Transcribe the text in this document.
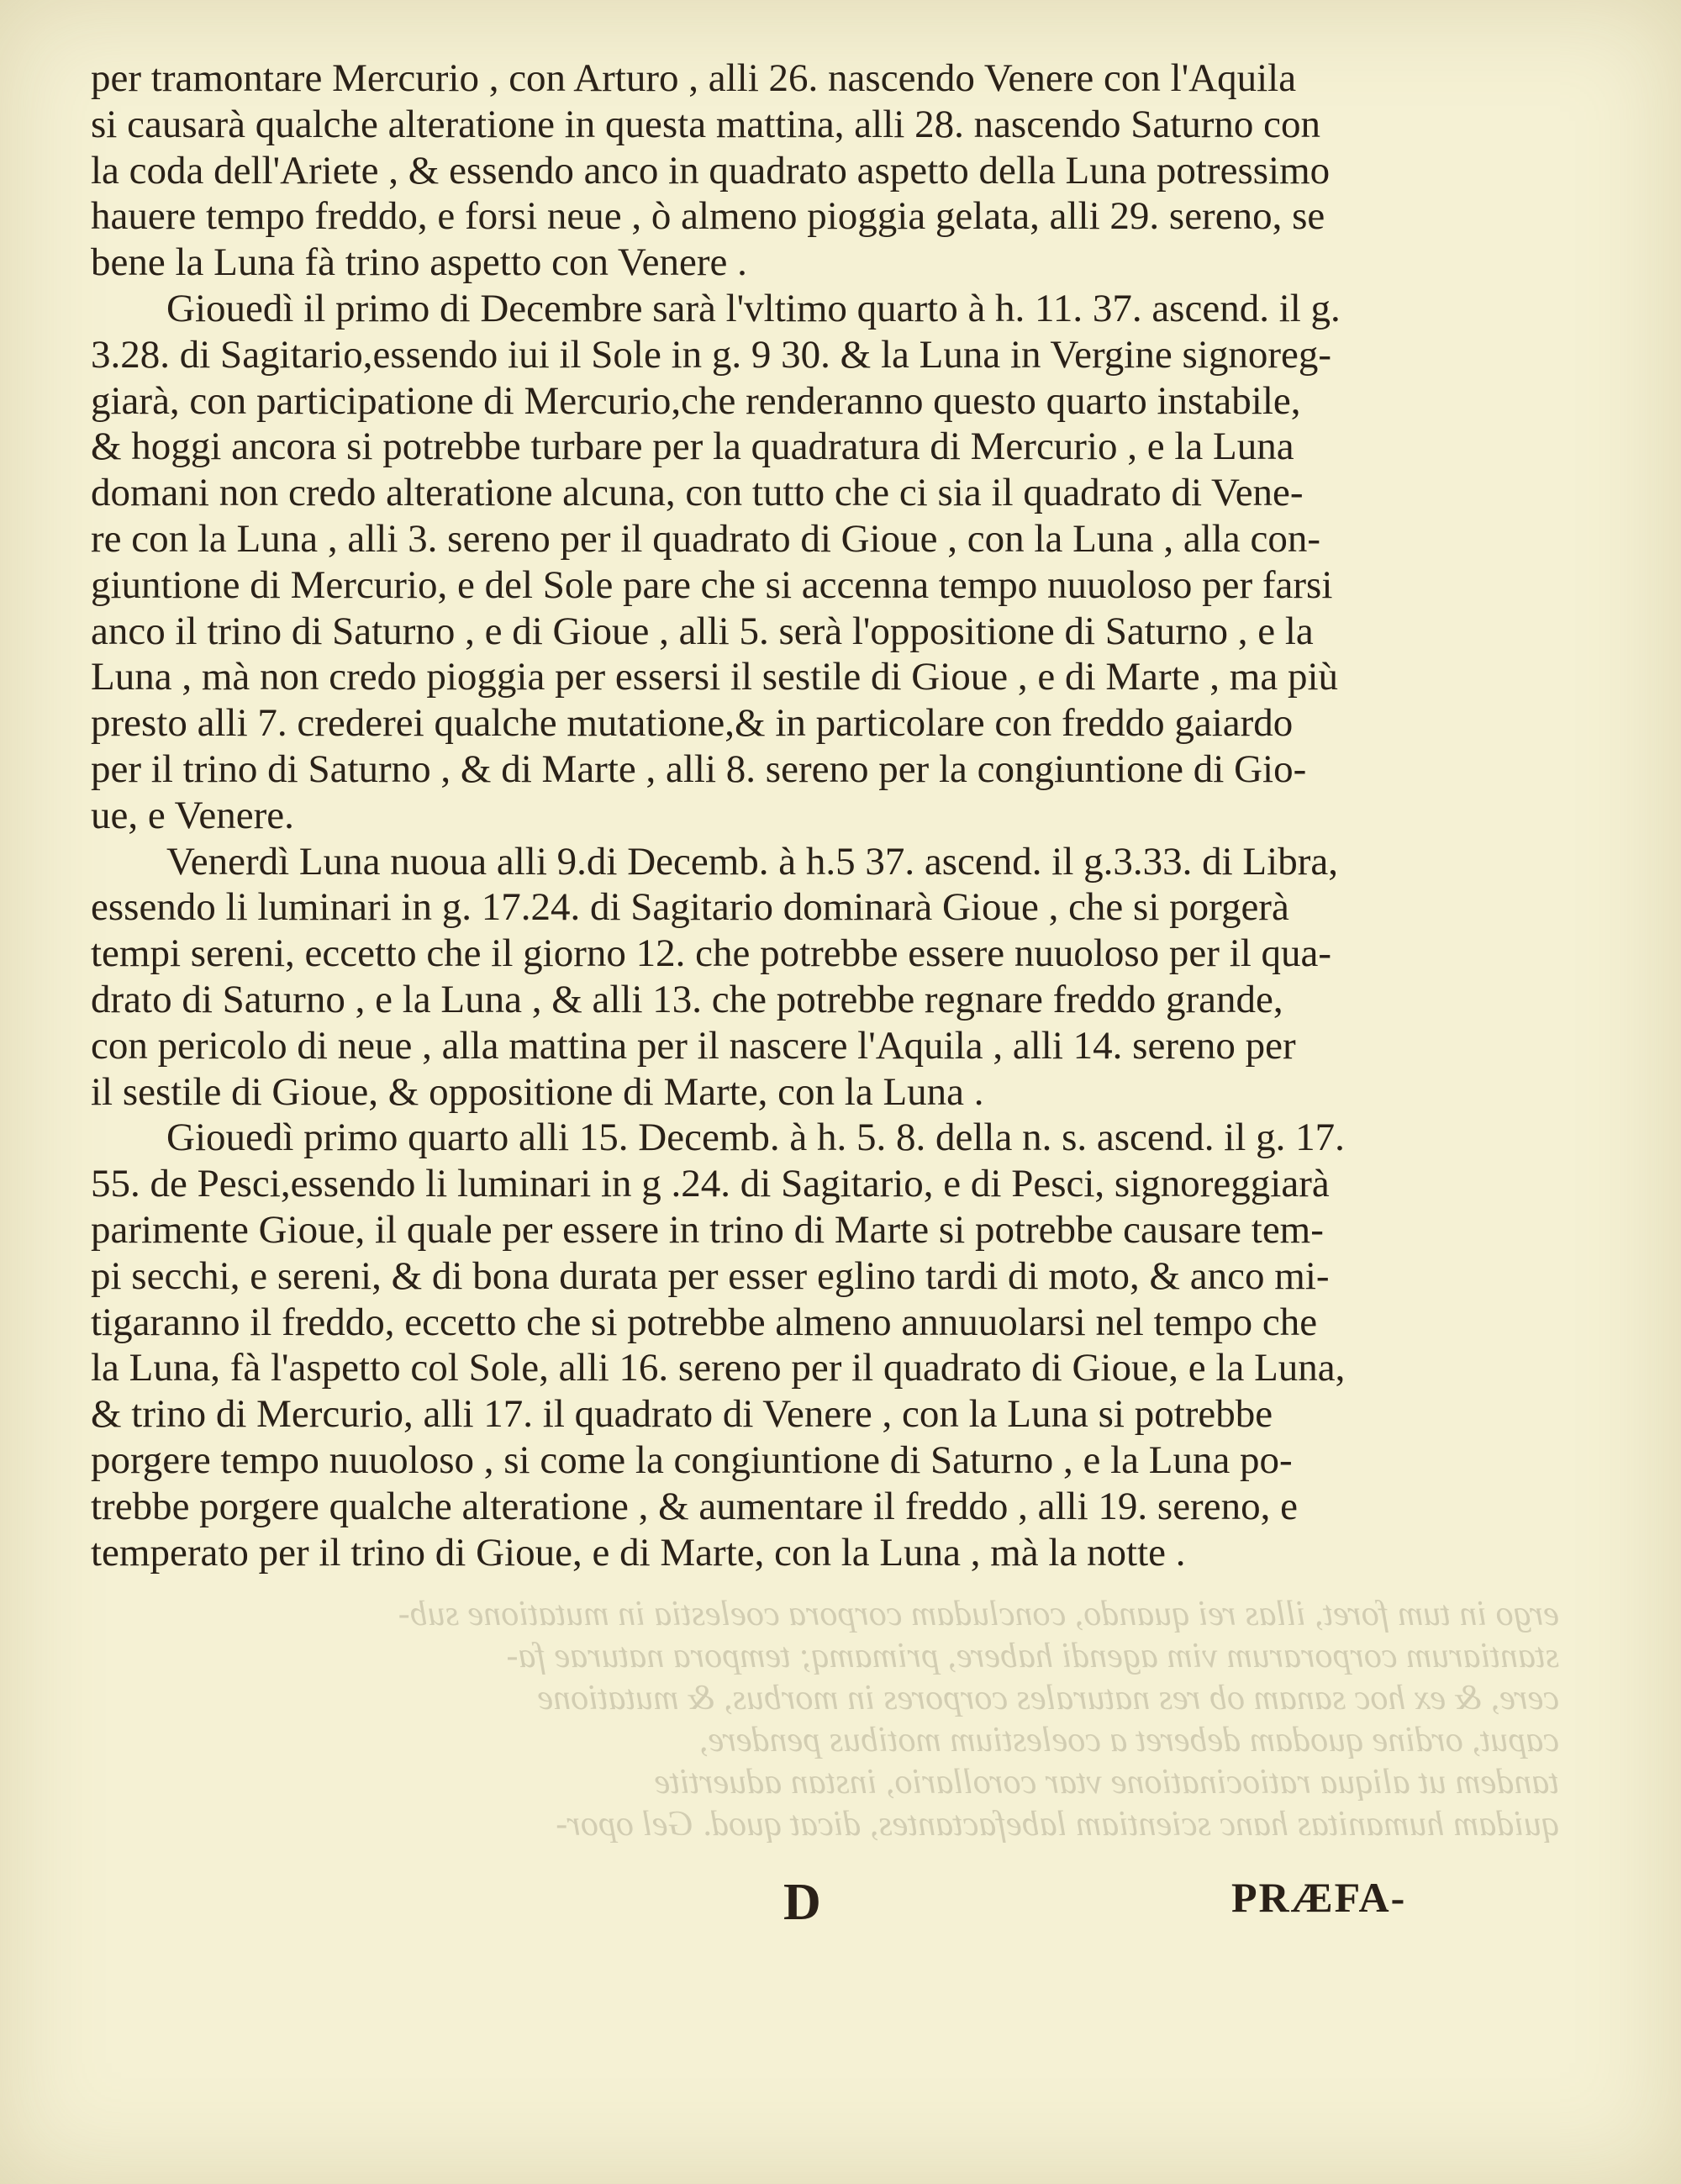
ergo in tum foret, illas rei quando, concludam corpora coelestia in mutatione sub-

stantiarum corporarum vim agendi habere, primamq; tempora naturae fa-

cere, & ex hoc sanam ob res naturales corpores in morbus, & mutatione

caput, ordine quodam deberet a coelestium motibus pendere,

tandem ut aliqua ratiocinatione vtar corollario, instan aduertite

quidam humanitas hanc scientiam labefactantes, dicat quod. Gel opor-

per tramontare Mercurio , con Arturo , alli 26. nascendo Venere con l'Aquila

si causarà qualche alteratione in questa mattina, alli 28. nascendo Saturno con

la coda dell'Ariete , & essendo anco in quadrato aspetto della Luna potressimo

hauere tempo freddo, e forsi neue , ò almeno pioggia gelata, alli 29. sereno, se

bene la Luna fà trino aspetto con Venere .

Giouedì il primo di Decembre sarà l'vltimo quarto à h. 11. 37. ascend. il g.

3.28. di Sagitario,essendo iui il Sole in g. 9 30. & la Luna in Vergine signoreg-

giarà, con participatione di Mercurio,che renderanno questo quarto instabile,

& hoggi ancora si potrebbe turbare per la quadratura di Mercurio , e la Luna

domani non credo alteratione alcuna, con tutto che ci sia il quadrato di Vene-

re con la Luna , alli 3. sereno per il quadrato di Gioue , con la Luna , alla con-

giuntione di Mercurio, e del Sole pare che si accenna tempo nuuoloso per farsi

anco il trino di Saturno , e di Gioue , alli 5. serà l'oppositione di Saturno , e la

Luna , mà non credo pioggia per essersi il sestile di Gioue , e di Marte , ma più

presto alli 7. crederei qualche mutatione,& in particolare con freddo gaiardo

per il trino di Saturno , & di Marte , alli 8. sereno per la congiuntione di Gio-

ue, e Venere.

Venerdì Luna nuoua alli 9.di Decemb. à h.5 37. ascend. il g.3.33. di Libra,

essendo li luminari in g. 17.24. di Sagitario dominarà Gioue , che si porgerà

tempi sereni, eccetto che il giorno 12. che potrebbe essere nuuoloso per il qua-

drato di Saturno , e la Luna , & alli 13. che potrebbe regnare freddo grande,

con pericolo di neue , alla mattina per il nascere l'Aquila , alli 14. sereno per

il sestile di Gioue, & oppositione di Marte, con la Luna .

Giouedì primo quarto alli 15. Decemb. à h. 5. 8. della n. s. ascend. il g. 17.

55. de Pesci,essendo li luminari in g .24. di Sagitario, e di Pesci, signoreggiarà

parimente Gioue, il quale per essere in trino di Marte si potrebbe causare tem-

pi secchi, e sereni, & di bona durata per esser eglino tardi di moto, & anco mi-

tigaranno il freddo, eccetto che si potrebbe almeno annuuolarsi nel tempo che

la Luna, fà l'aspetto col Sole, alli 16. sereno per il quadrato di Gioue, e la Luna,

& trino di Mercurio, alli 17. il quadrato di Venere , con la Luna si potrebbe

porgere tempo nuuoloso , si come la congiuntione di Saturno , e la Luna po-

trebbe porgere qualche alteratione , & aumentare il freddo , alli 19. sereno, e

temperato per il trino di Gioue, e di Marte, con la Luna , mà la notte .

D	PRÆFA-
